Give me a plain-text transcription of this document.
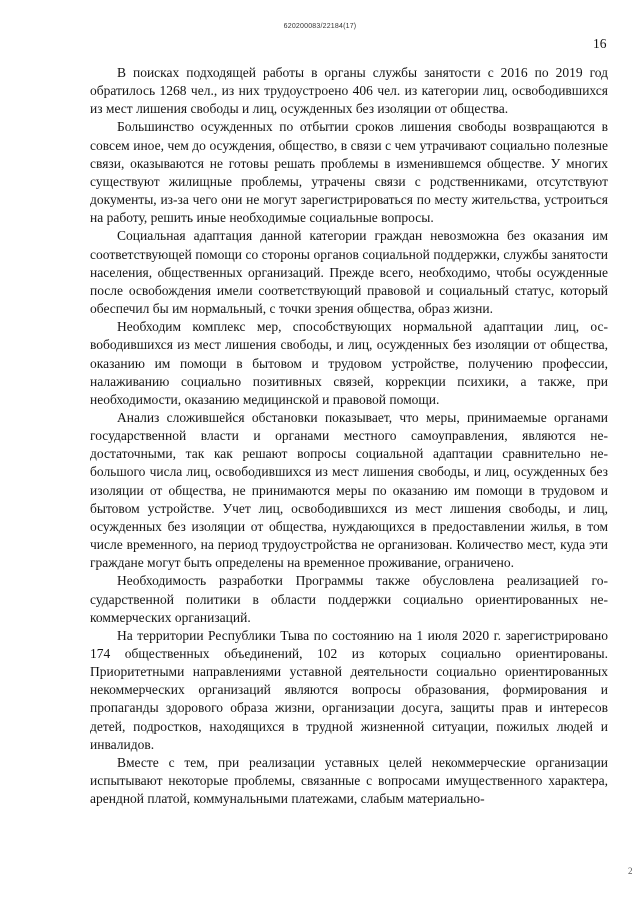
620200083/22184(17)
16

В поисках подходящей работы в органы службы занятости с 2016 по 2019 год обратилось 1268 чел., из них трудоустроено 406 чел. из категории лиц, освободившихся из мест лишения свободы и лиц, осужденных без изоляции от общества.

Большинство осужденных по отбытии сроков лишения свободы возвращаются в совсем иное, чем до осуждения, общество, в связи с чем утрачивают социально полезные связи, оказываются не готовы решать проблемы в изменившемся обществе. У многих существуют жилищные проблемы, утрачены связи с родственниками, отсутствуют документы, из-за чего они не могут зарегистрироваться по месту жительства, устроиться на работу, решить иные необходимые социальные вопросы.

Социальная адаптация данной категории граждан невозможна без оказания им соответствующей помощи со стороны органов социальной поддержки, службы занятости населения, общественных организаций. Прежде всего, необходимо, чтобы осужденные после освобождения имели соответствующий правовой и социальный статус, который обеспечил бы им нормальный, с точки зрения общества, образ жизни.

Необходим комплекс мер, способствующих нормальной адаптации лиц, освободившихся из мест лишения свободы, и лиц, осужденных без изоляции от общества, оказанию им помощи в бытовом и трудовом устройстве, получению профессии, налаживанию социально позитивных связей, коррекции психики, а также, при необходимости, оказанию медицинской и правовой помощи.

Анализ сложившейся обстановки показывает, что меры, принимаемые органами государственной власти и органами местного самоуправления, являются недостаточными, так как решают вопросы социальной адаптации сравнительно небольшого числа лиц, освободившихся из мест лишения свободы, и лиц, осужденных без изоляции от общества, не принимаются меры по оказанию им помощи в трудовом и бытовом устройстве. Учет лиц, освободившихся из мест лишения свободы, и лиц, осужденных без изоляции от общества, нуждающихся в предоставлении жилья, в том числе временного, на период трудоустройства не организован. Количество мест, куда эти граждане могут быть определены на временное проживание, ограничено.

Необходимость разработки Программы также обусловлена реализацией государственной политики в области поддержки социально ориентированных некоммерческих организаций.

На территории Республики Тыва по состоянию на 1 июля 2020 г. зарегистрировано 174 общественных объединений, 102 из которых социально ориентированы. Приоритетными направлениями уставной деятельности социально ориентированных некоммерческих организаций являются вопросы образования, формирования и пропаганды здорового образа жизни, организации досуга, защиты прав и интересов детей, подростков, находящихся в трудной жизненной ситуации, пожилых людей и инвалидов.

Вместе с тем, при реализации уставных целей некоммерческие организации испытывают некоторые проблемы, связанные с вопросами имущественного характера, арендной платой, коммунальными платежами, слабым материально-

2
